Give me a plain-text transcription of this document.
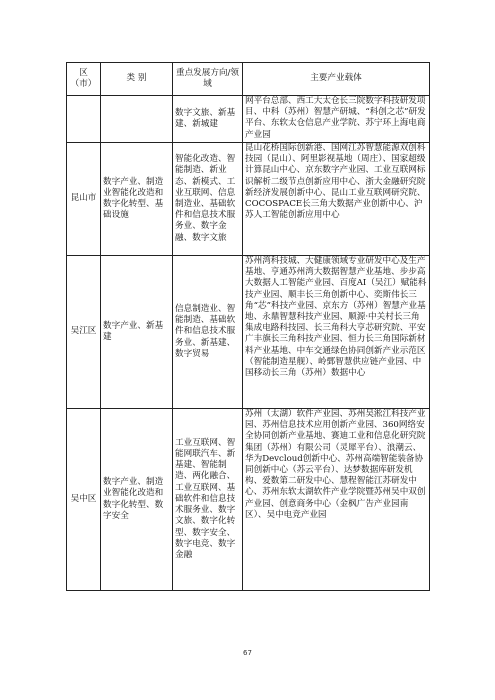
区（市）	类 别	重点发展方向/领域	主要产业载体
		数字文旅、新基建、新城建	网平台总部、西工大太仓长三院数字科技研发项目、中科（苏州）智慧产研城、“科创之芯”研发平台、东软太仓信息产业学院、苏宁环上海电商产业园
昆山市	数字产业、制造业智能化改造和数字化转型、基础设施	智能化改造、智能制造、新业态、新模式、工业互联网、信息制造业、基础软件和信息技术服务业、数字金融、数字文旅	昆山花桥国际创新港、国网江苏智慧能源双创科技园（昆山）、阿里影视基地（周庄）、国家超级计算昆山中心、京东数字产业园、工业互联网标识解析二级节点创新应用中心、浙大金融研究院新经济发展创新中心、昆山工业互联网研究院、COCOSPACE长三角大数据产业创新中心、沪苏人工智能创新应用中心
吴江区	数字产业、新基建	信息制造业、智能制造、基础软件和信息技术服务业、新基建、数字贸易	苏州湾科技城、大健康领域专业研发中心及生产基地、亨通苏州湾大数据智慧产业基地、步步高大数据人工智能产业园、百度AI（吴江）赋能科技产业园、顺丰长三角创新中心、奕斯伟长三角“芯”科技产业园、京东方（苏州）智慧产业基地、永鼎智慧科技产业园、顺源·中关村长三角集成电路科技园、长三角科大亨芯研究院、平安广丰旗长三角科技产业园、恒力长三角国际新材料产业基地、中车交通绿色协同创新产业示范区（智能制造星舰）、岭鄄智慧供应链产业园、中国移动长三角（苏州）数据中心
吴中区	数字产业、制造业智能化改造和数字化转型、数字安全	工业互联网、智能网联汽车、新基建、智能制造、两化融合、工业互联网、基础软件和信息技术服务业、数字文旅、数字化转型、数字安全、数字电竞、数字金融	苏州（太湖）软件产业园、苏州吴淞江科技产业园、苏州信息技术应用创新产业园、360网络安全协同创新产业基地、赛迪工业和信息化研究院集团（苏州）有限公司（灵犀平台）、浪潮云、华为Devcloud创新中心、苏州高端智能装备协同创新中心（苏云平台）、达梦数据库研发机构、爱数第二研发中心、慧程智能江苏研发中心、苏州东软太湖软件产业学院暨苏州吴中双创产业园、创意商务中心（金枫广告产业园南区）、吴中电竞产业园
67
